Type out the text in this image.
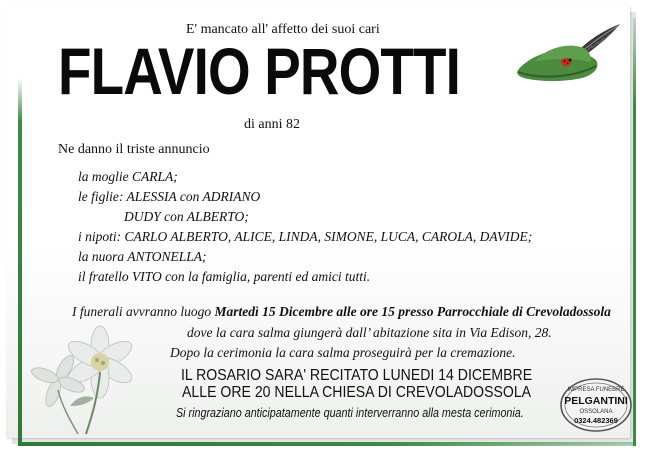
E' mancato all' affetto dei suoi cari
FLAVIO PROTTI
di anni 82
Ne danno il triste annuncio
la moglie CARLA;
le figlie: ALESSIA con ADRIANO
DUDY con ALBERTO;
i nipoti: CARLO ALBERTO, ALICE, LINDA, SIMONE, LUCA, CAROLA, DAVIDE;
la nuora ANTONELLA;
il fratello VITO con la famiglia, parenti ed amici tutti.
I funerali avvranno luogo Martedì 15 Dicembre alle ore 15 presso Parrocchiale di Crevoladossola
dove la cara salma giungerà dall’ abitazione sita in Via Edison, 28.
Dopo la cerimonia la cara salma proseguirà per la cremazione.
IL ROSARIO SARA' RECITATO LUNEDI 14 DICEMBRE
ALLE ORE 20 NELLA CHIESA DI CREVOLADOSSOLA
Si ringraziano anticipatamente quanti interverranno alla mesta cerimonia.
IMPRESA FUNEBRE
PELGANTINI
OSSOLANA
0324.482369
